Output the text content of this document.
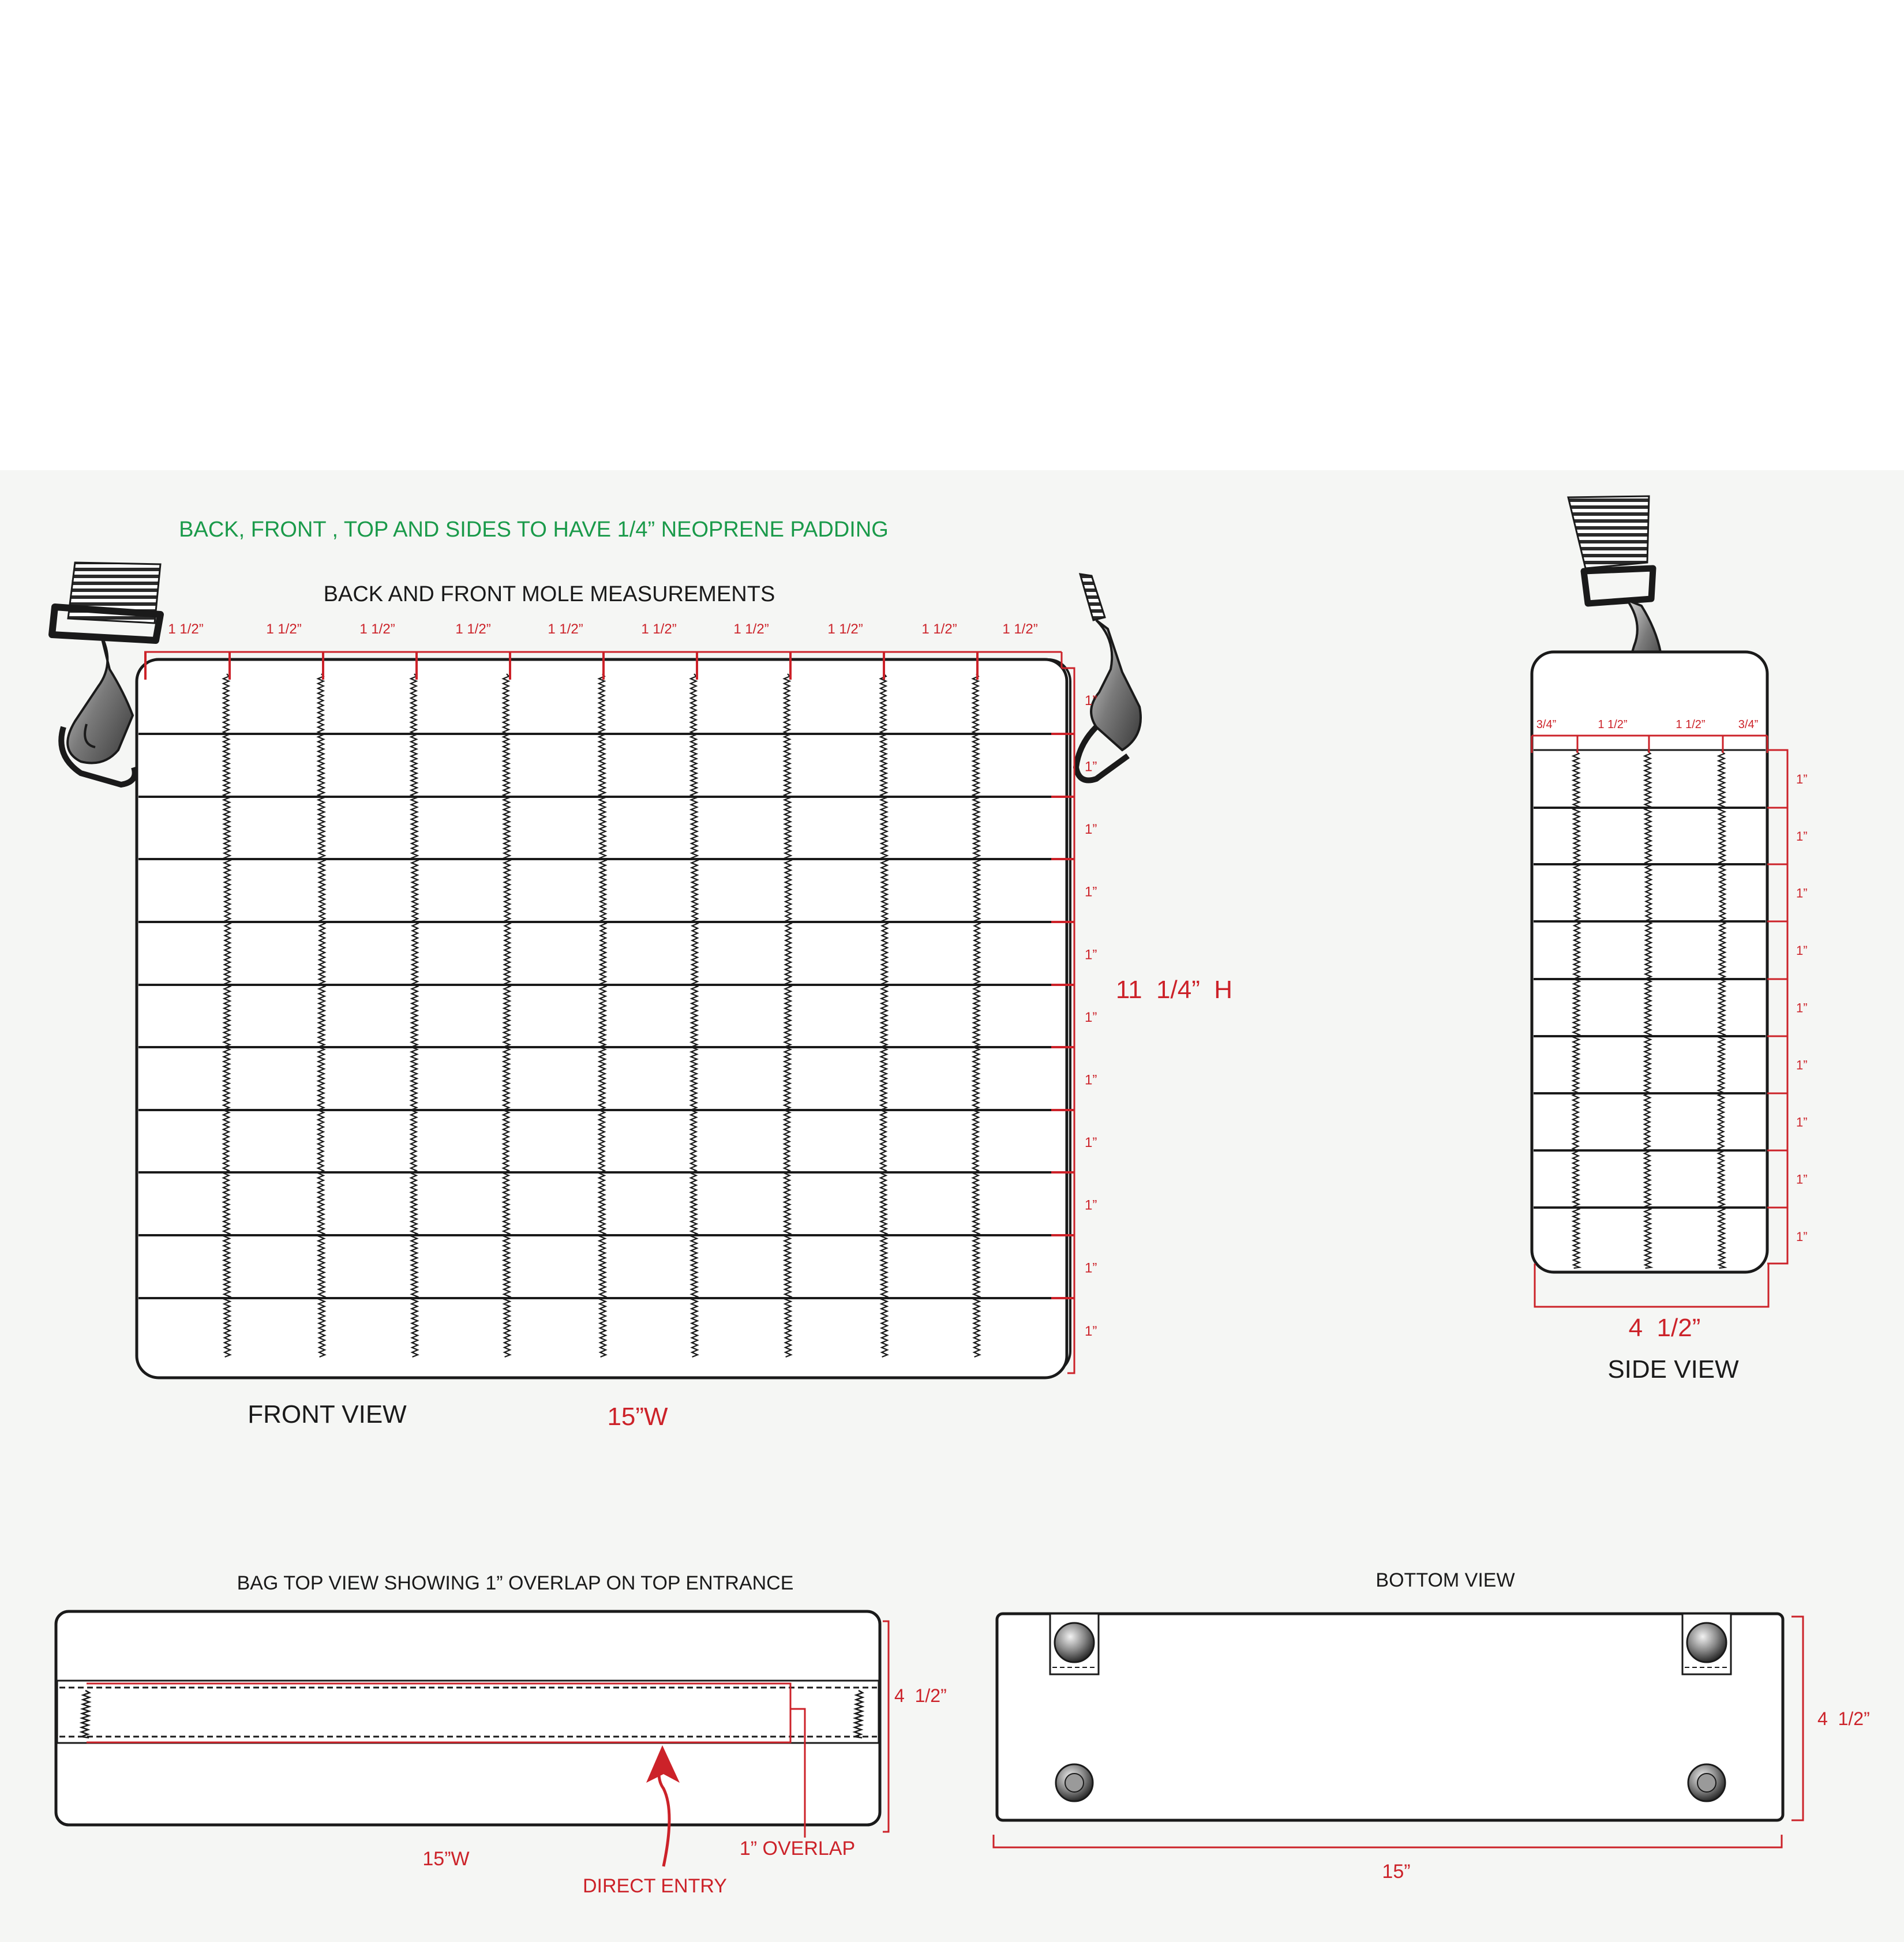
BACK, FRONT , TOP AND SIDES TO HAVE 1/4” NEOPRENE PADDING
BACK AND FRONT MOLE MEASUREMENTS
1 1/2”	1 1/2”	1 1/2”	1 1/2”	1 1/2”	1 1/2”	1 1/2”	1 1/2”	1 1/2”	1 1/2”
1”
1”
1”
1”
1”
1”
1”
1”
1”
1”
1”
11  1/4”  H
FRONT VIEW	15”W
3/4”	1 1/2”	1 1/2”	3/4”
1”
1”
1”
1”
1”
1”
1”
1”
1”
4  1/2”
SIDE VIEW
BAG TOP VIEW SHOWING 1” OVERLAP ON TOP ENTRANCE
4  1/2”
15”W	1” OVERLAP
DIRECT ENTRY
BOTTOM VIEW
4  1/2”
15”
